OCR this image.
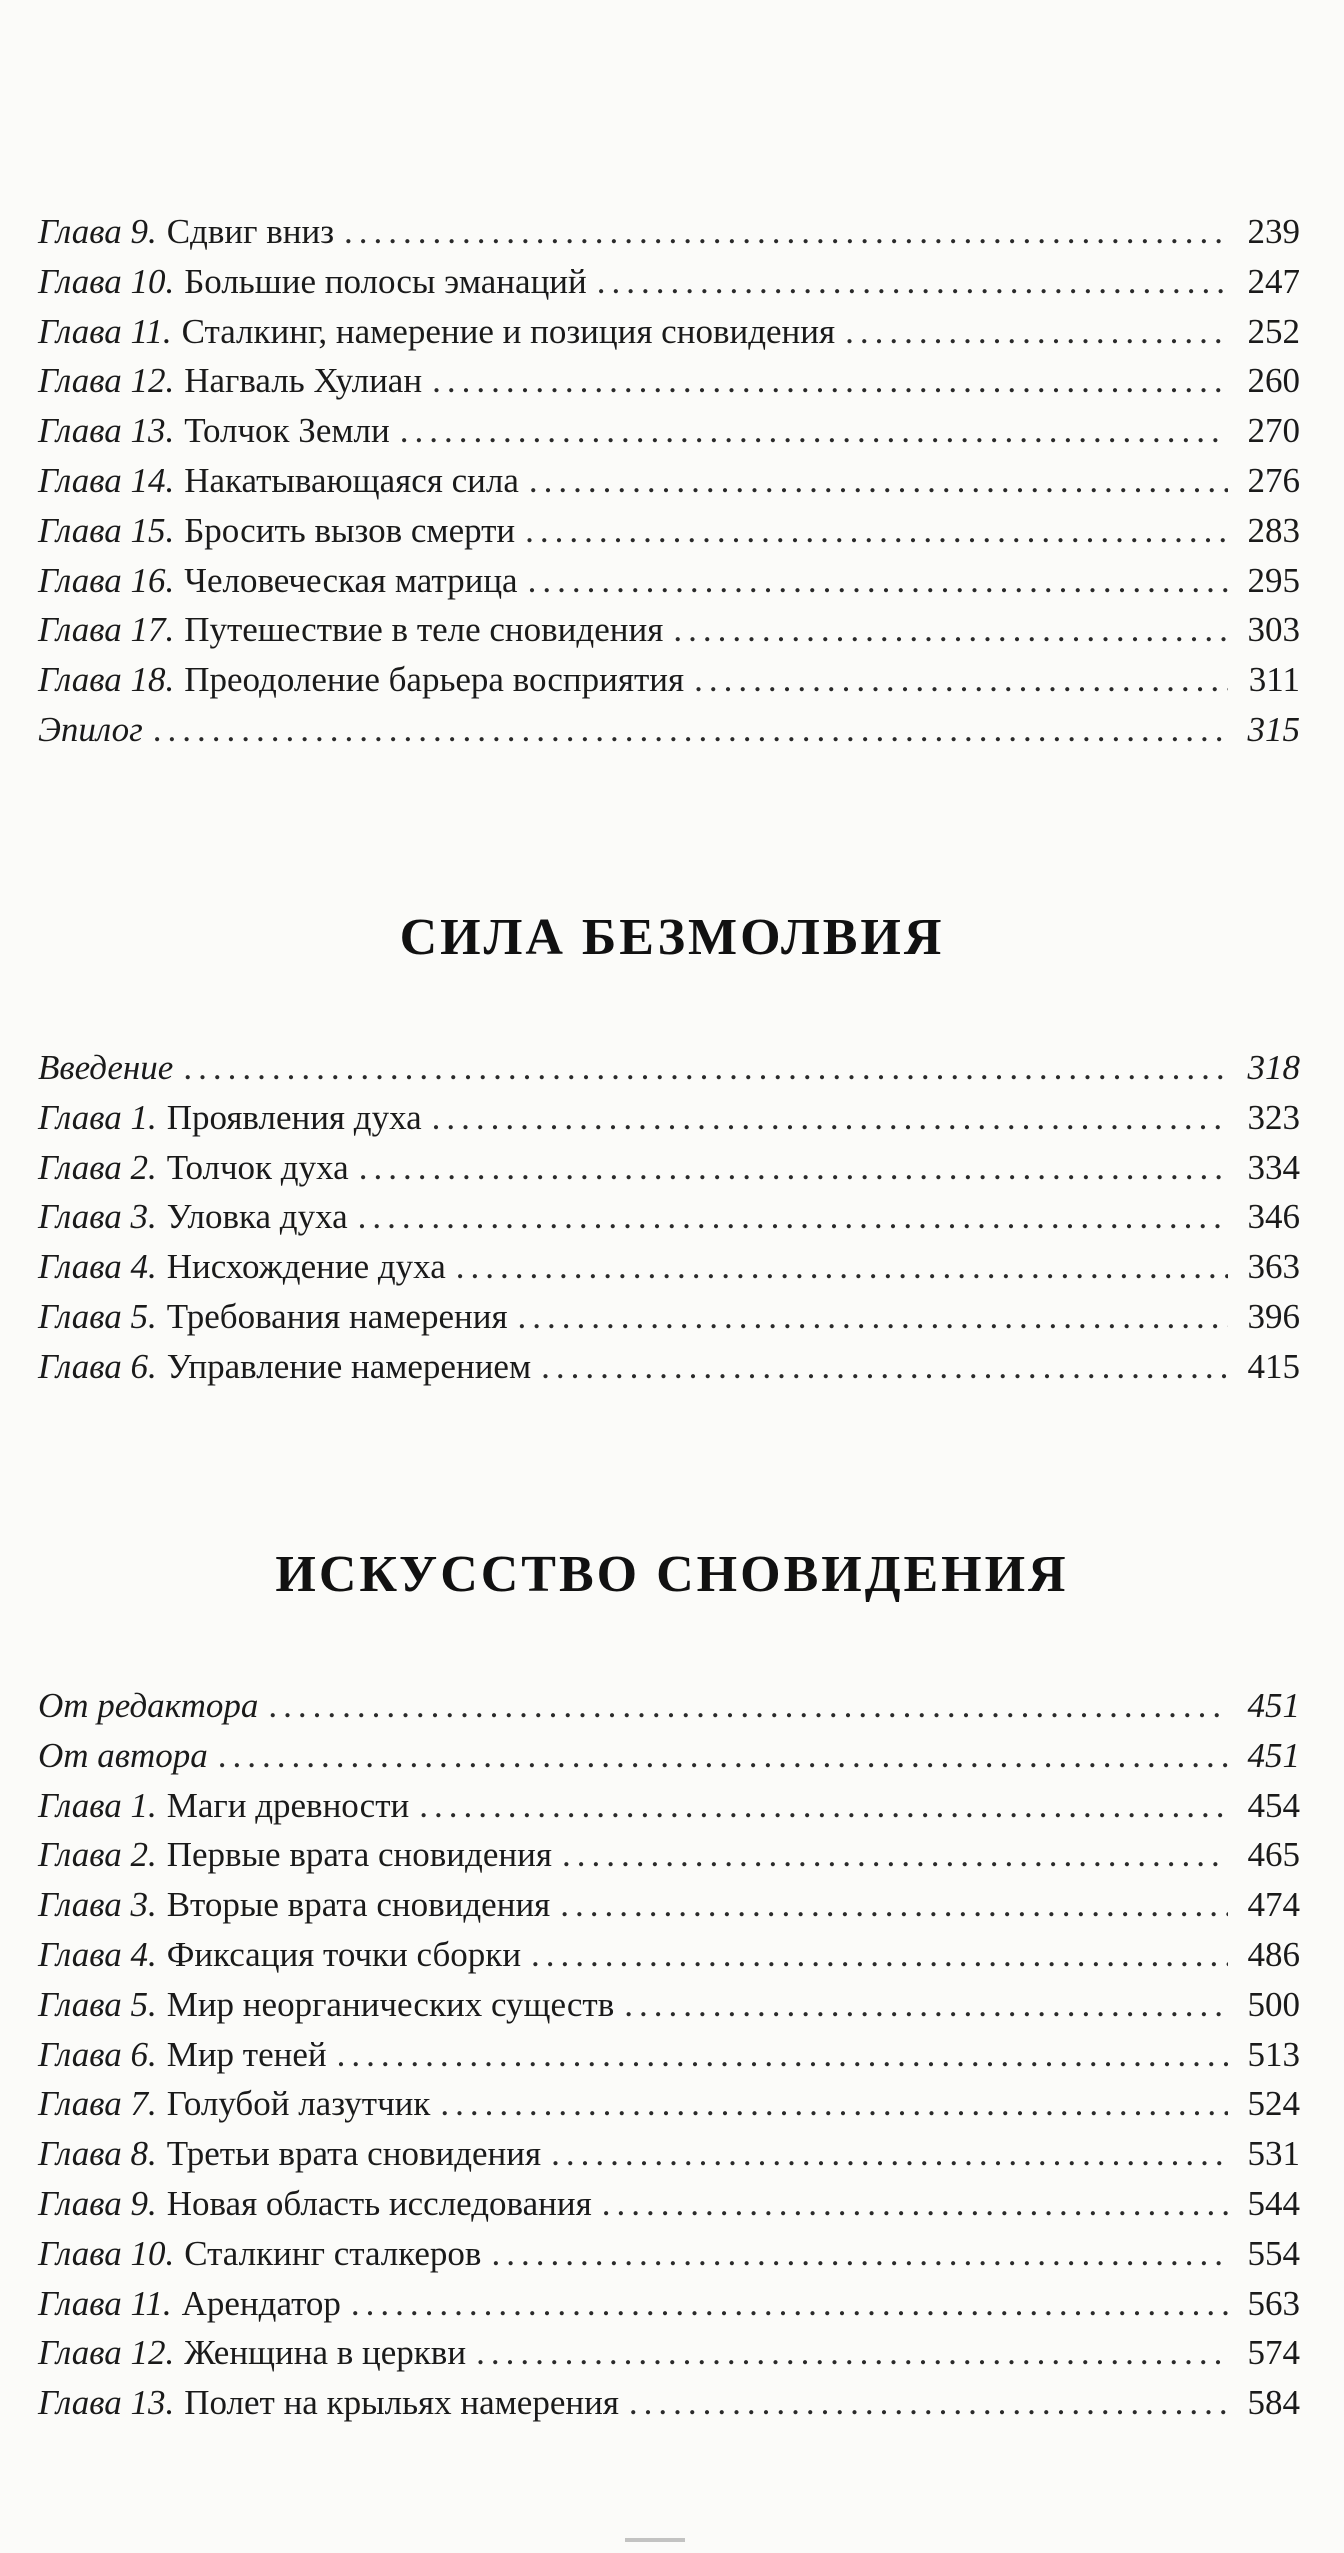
Глава 9. Сдвиг вниз .....	239
Глава 10. Большие полосы эманаций .....	247
Глава 11. Сталкинг, намерение и позиция сновидения .....	252
Глава 12. Нагваль Хулиан .....	260
Глава 13. Толчок Земли .....	270
Глава 14. Накатывающаяся сила .....	276
Глава 15. Бросить вызов смерти .....	283
Глава 16. Человеческая матрица .....	295
Глава 17. Путешествие в теле сновидения .....	303
Глава 18. Преодоление барьера восприятия .....	311
Эпилог .....	315
СИЛА БЕЗМОЛВИЯ
Введение .....	318
Глава 1. Проявления духа .....	323
Глава 2. Толчок духа .....	334
Глава 3. Уловка духа .....	346
Глава 4. Нисхождение духа .....	363
Глава 5. Требования намерения .....	396
Глава 6. Управление намерением .....	415
ИСКУССТВО СНОВИДЕНИЯ
От редактора .....	451
От автора .....	451
Глава 1. Маги древности .....	454
Глава 2. Первые врата сновидения .....	465
Глава 3. Вторые врата сновидения .....	474
Глава 4. Фиксация точки сборки .....	486
Глава 5. Мир неорганических существ .....	500
Глава 6. Мир теней .....	513
Глава 7. Голубой лазутчик .....	524
Глава 8. Третьи врата сновидения .....	531
Глава 9. Новая область исследования .....	544
Глава 10. Сталкинг сталкеров .....	554
Глава 11. Арендатор .....	563
Глава 12. Женщина в церкви .....	574
Глава 13. Полет на крыльях намерения .....	584
